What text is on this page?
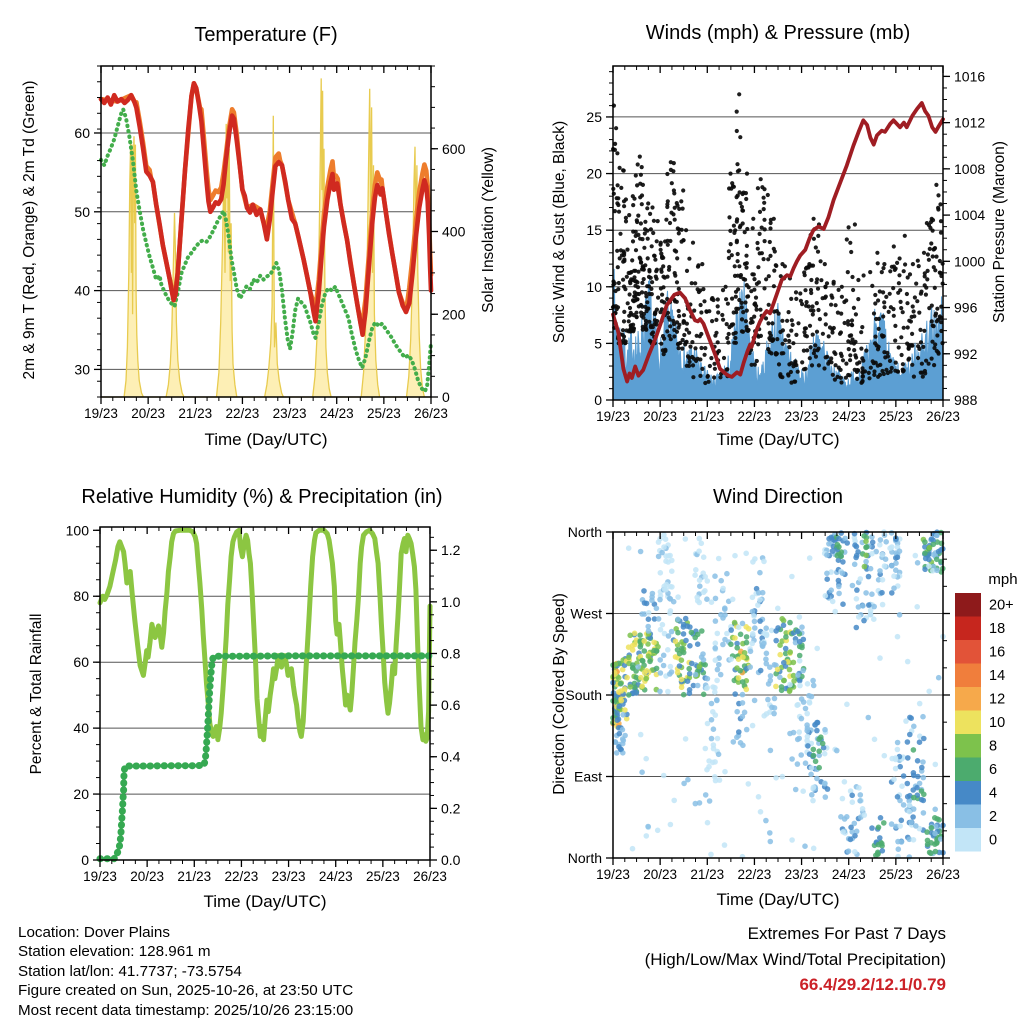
19/23 20/23 21/23 22/23 23/23 24/23 25/23 26/23
30
40
50
60
0
200
400
600
19/23 20/23 21/23 22/23 23/23 24/23 25/23 26/23
0
5
10
15
20
25
988
992
996
1000
1004
1008
1012
1016
19/23 20/23 21/23 22/23 23/23 24/23 25/23 26/23
0
20
40
60
80
100
0.0
0.2
0.4
0.6
0.8
1.0
1.2
19/23 20/23 21/23 22/23 23/23 24/23 25/23 26/23
North
West
South
East
North
mph
20+
18
16
14
12
10
8
6
4
2
0
Temperature (F)	Winds (mph) & Pressure (mb)
Relative Humidity (%) & Precipitation (in)	Wind Direction
Time (Day/UTC)	Time (Day/UTC)
Time (Day/UTC)	Time (Day/UTC)
2m & 9m T (Red, Orange) & 2m Td (Green)	Solar Insolation (Yellow)	Sonic Wind & Gust (Blue, Black)	Station Pressure (Maroon)
Percent & Total Rainfall	Direction (Colored By Speed)
Location: Dover Plains
Station elevation: 128.961 m
Station lat/lon: 41.7737; -73.5754
Figure created on Sun, 2025-10-26, at 23:50 UTC
Most recent data timestamp: 2025/10/26 23:15:00
Extremes For Past 7 Days
(High/Low/Max Wind/Total Precipitation)
66.4/29.2/12.1/0.79
